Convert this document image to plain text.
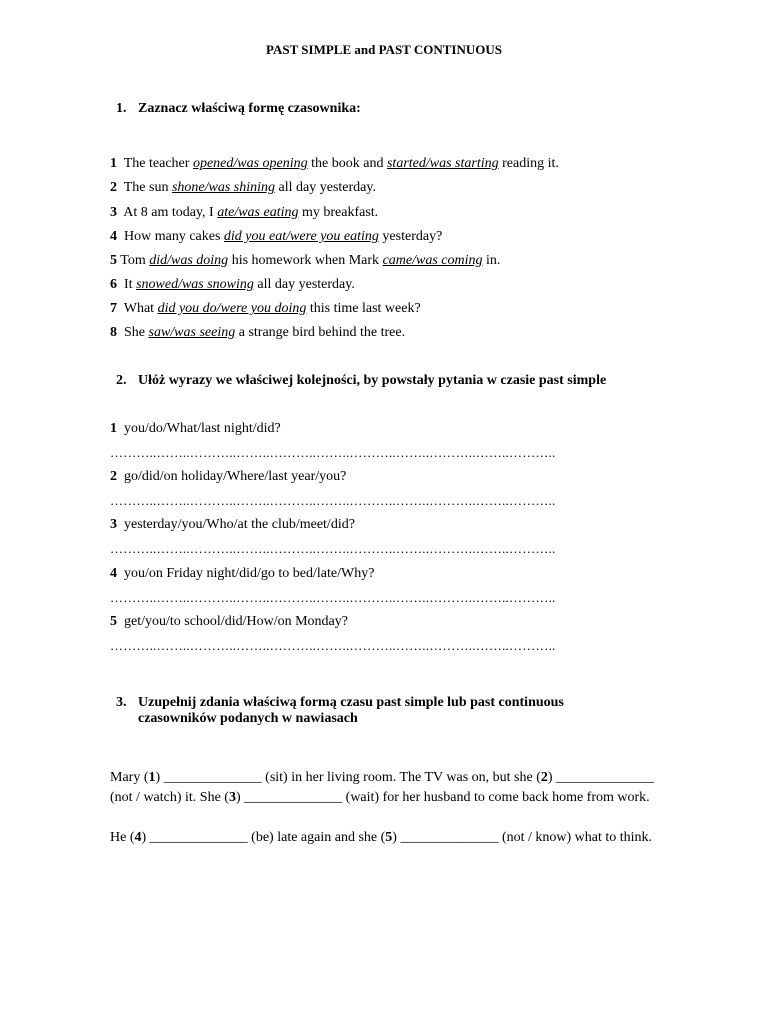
PAST SIMPLE and PAST CONTINUOUS
1. Zaznacz właściwą formę czasownika:
1 The teacher opened/was opening the book and started/was starting reading it.
2 The sun shone/was shining all day yesterday.
3 At 8 am today, I ate/was eating my breakfast.
4 How many cakes did you eat/were you eating yesterday?
5 Tom did/was doing his homework when Mark came/was coming in.
6 It snowed/was snowing all day yesterday.
7 What did you do/were you doing this time last week?
8 She saw/was seeing a strange bird behind the tree.
2. Ułóż wyrazy we właściwej kolejności, by powstały pytania w czasie past simple
1 you/do/What/last night/did?
………..……..………..……..………..……..………..……..………..……..………..
2 go/did/on holiday/Where/last year/you?
………..……..………..……..………..……..………..……..………..……..………..
3 yesterday/you/Who/at the club/meet/did?
………..……..………..……..………..……..………..……..………..……..………..
4 you/on Friday night/did/go to bed/late/Why?
………..……..………..……..………..……..………..……..………..……..………..
5 get/you/to school/did/How/on Monday?
………..……..………..……..………..……..………..……..………..……..………..
3. Uzupełnij zdania właściwą formą czasu past simple lub past continuous
czasowników podanych w nawiasach
Mary (1) ______________ (sit) in her living room. The TV was on, but she (2) ______________ (not / watch) it. She (3) ______________ (wait) for her husband to come back home from work.
He (4) ______________ (be) late again and she (5) ______________ (not / know) what to think.
